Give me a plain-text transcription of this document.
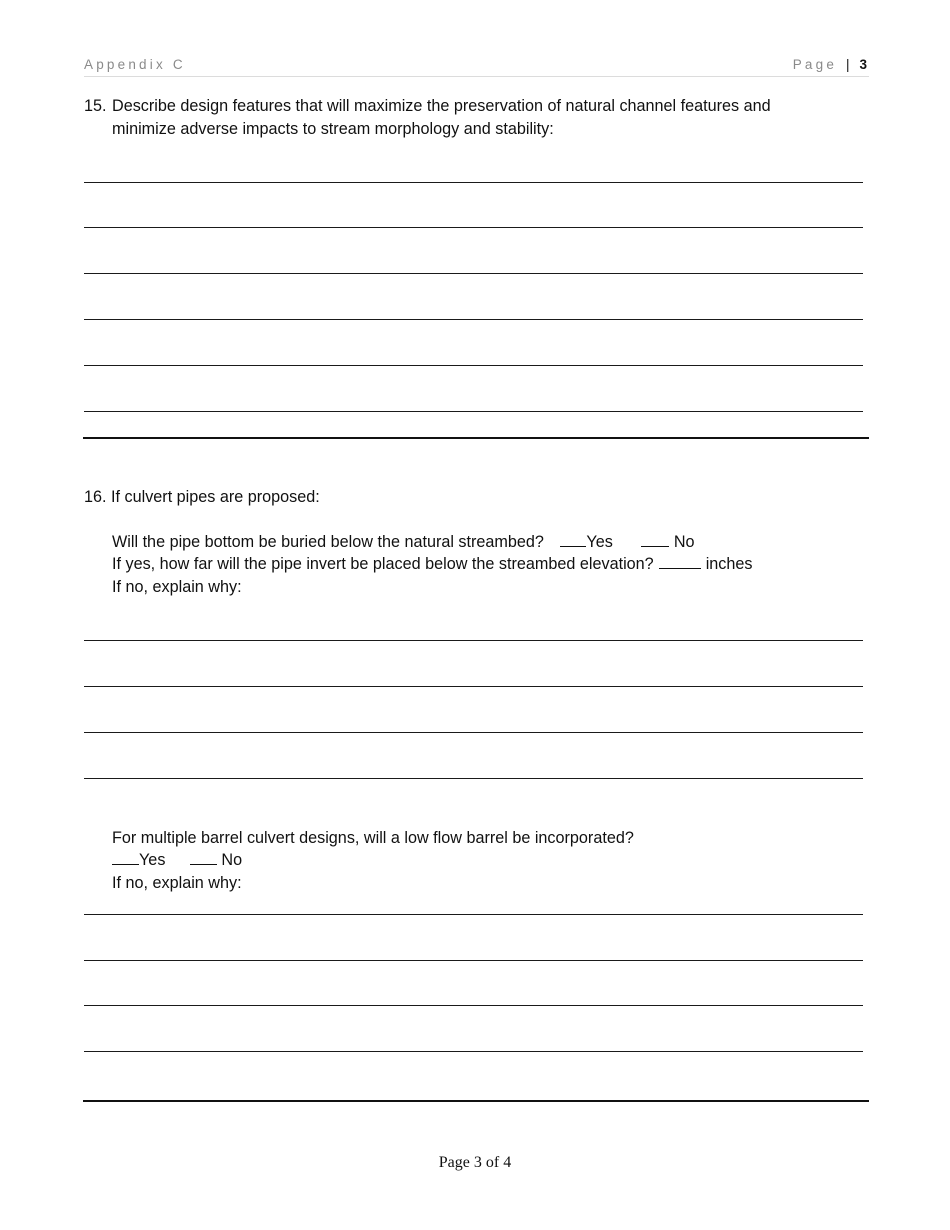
Appendix C	Page | 3
15. Describe design features that will maximize the preservation of natural channel features and
minimize adverse impacts to stream morphology and stability:
16. If culvert pipes are proposed:
Will the pipe bottom be buried below the natural streambed?	Yes	No
If yes, how far will the pipe invert be placed below the streambed elevation?	inches
If no, explain why:
For multiple barrel culvert designs, will a low flow barrel be incorporated?
Yes	No
If no, explain why:
Page 3 of 4
